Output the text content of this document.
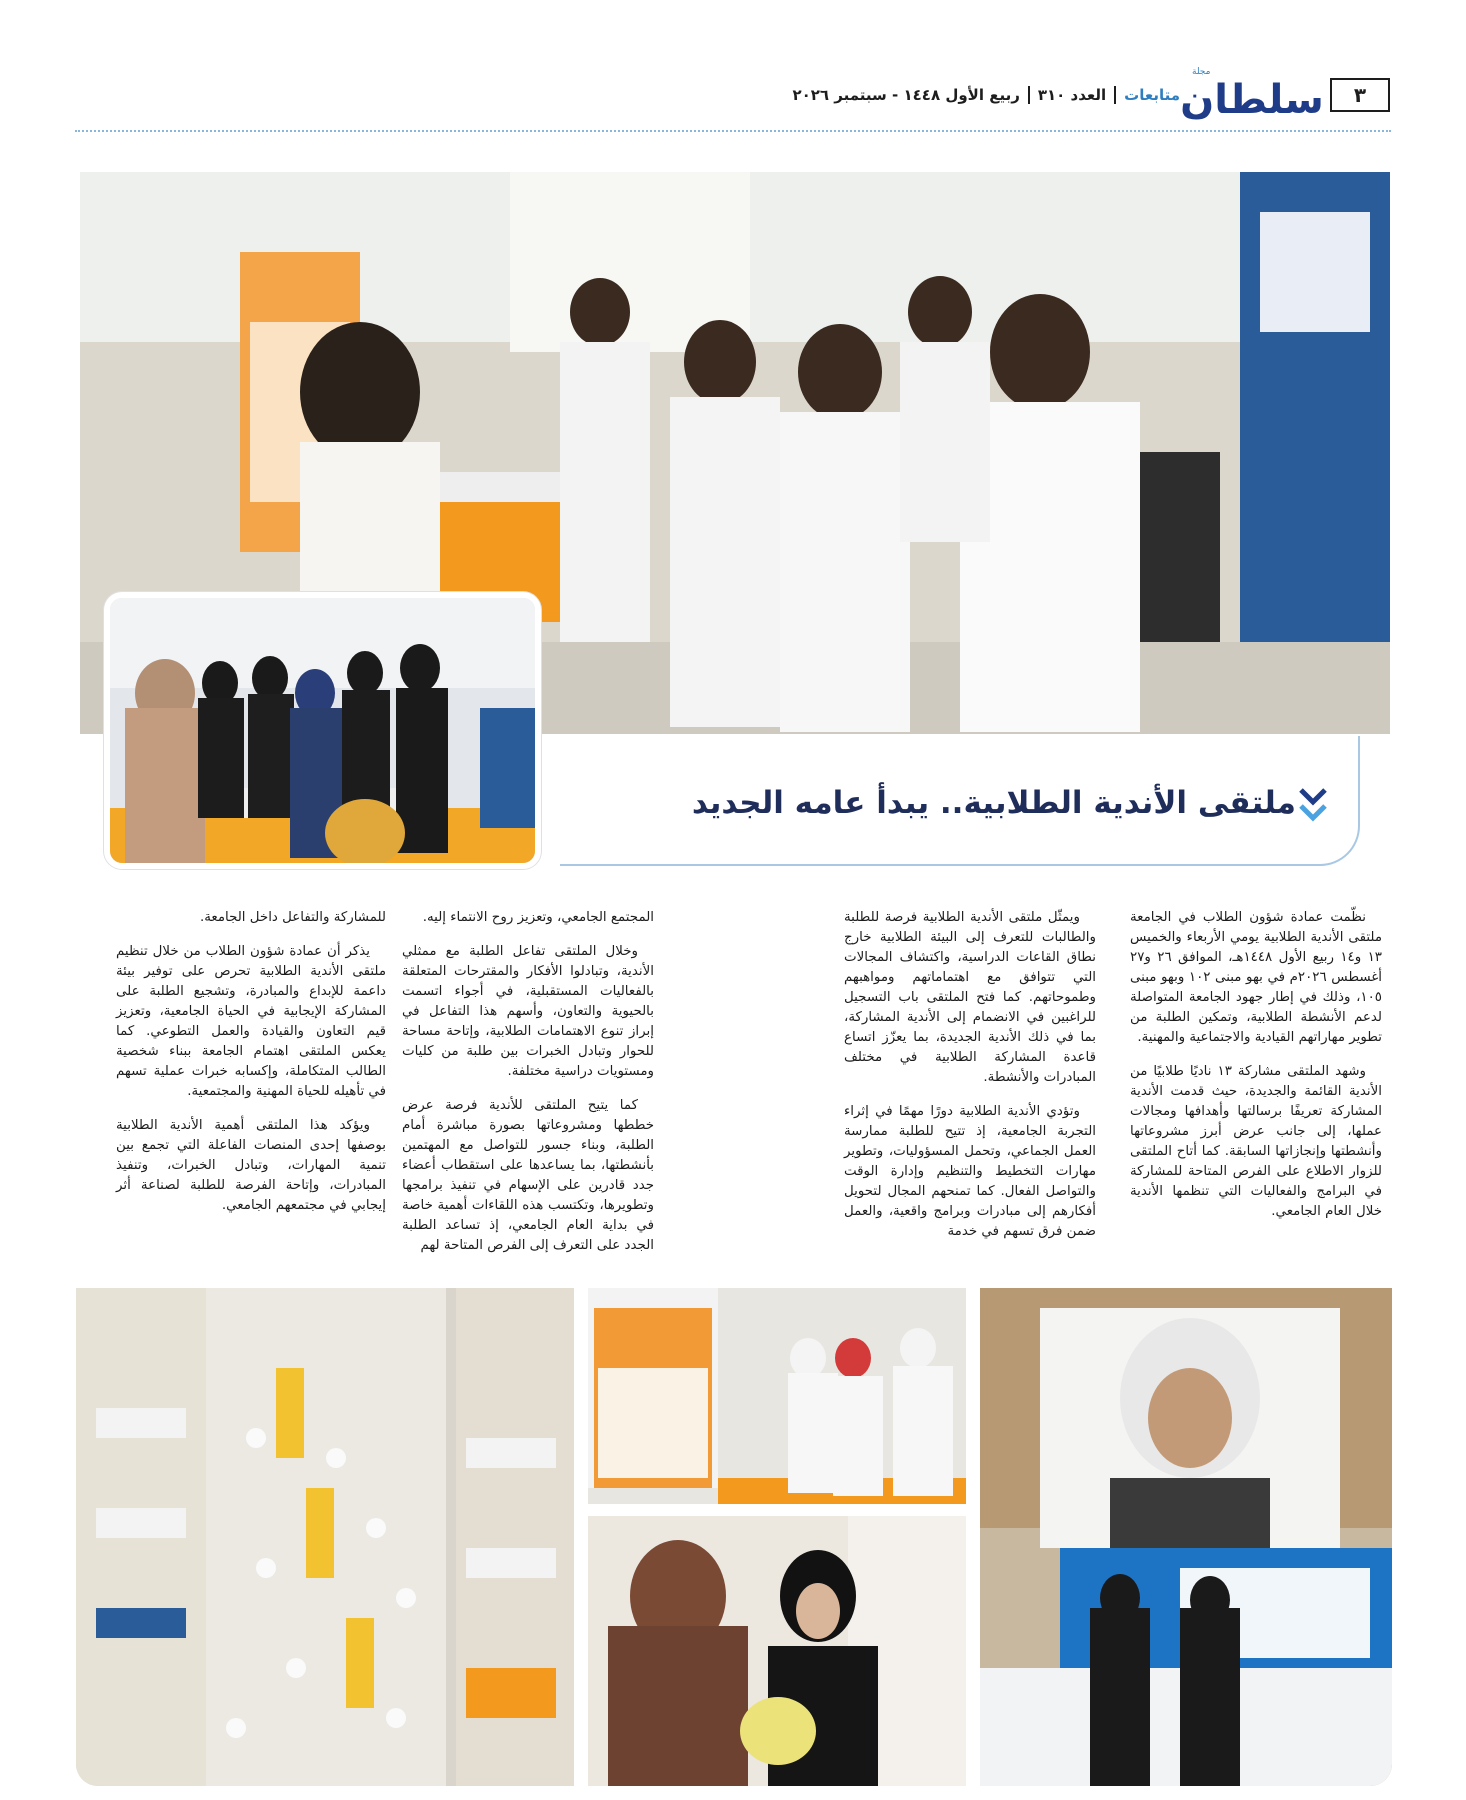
٣
مجلة
سلطان
متابعات
العدد ٣١٠
ربيع الأول ١٤٤٨ - سبتمبر ٢٠٢٦
ملتقى الأندية الطلابية.. يبدأ عامه الجديد

نظّمت عمادة شؤون الطلاب في الجامعة ملتقى الأندية الطلابية يومي الأربعاء والخميس ١٣ و١٤ ربيع الأول ١٤٤٨هـ، الموافق ٢٦ و٢٧ أغسطس ٢٠٢٦م في بهو مبنى ١٠٢ وبهو مبنى ١٠٥، وذلك في إطار جهود الجامعة المتواصلة لدعم الأنشطة الطلابية، وتمكين الطلبة من تطوير مهاراتهم القيادية والاجتماعية والمهنية.

وشهد الملتقى مشاركة ١٣ ناديًا طلابيًا من الأندية القائمة والجديدة، حيث قدمت الأندية المشاركة تعريفًا برسالتها وأهدافها ومجالات عملها، إلى جانب عرض أبرز مشروعاتها وأنشطتها وإنجازاتها السابقة. كما أتاح الملتقى للزوار الاطلاع على الفرص المتاحة للمشاركة في البرامج والفعاليات التي تنظمها الأندية خلال العام الجامعي.

ويمثّل ملتقى الأندية الطلابية فرصة للطلبة والطالبات للتعرف إلى البيئة الطلابية خارج نطاق القاعات الدراسية، واكتشاف المجالات التي تتوافق مع اهتماماتهم ومواهبهم وطموحاتهم. كما فتح الملتقى باب التسجيل للراغبين في الانضمام إلى الأندية المشاركة، بما في ذلك الأندية الجديدة، بما يعزّز اتساع قاعدة المشاركة الطلابية في مختلف المبادرات والأنشطة.

وتؤدي الأندية الطلابية دورًا مهمًا في إثراء التجربة الجامعية، إذ تتيح للطلبة ممارسة العمل الجماعي، وتحمل المسؤوليات، وتطوير مهارات التخطيط والتنظيم وإدارة الوقت والتواصل الفعال. كما تمنحهم المجال لتحويل أفكارهم إلى مبادرات وبرامج واقعية، والعمل ضمن فرق تسهم في خدمة

المجتمع الجامعي، وتعزيز روح الانتماء إليه.

وخلال الملتقى تفاعل الطلبة مع ممثلي الأندية، وتبادلوا الأفكار والمقترحات المتعلقة بالفعاليات المستقبلية، في أجواء اتسمت بالحيوية والتعاون، وأسهم هذا التفاعل في إبراز تنوع الاهتمامات الطلابية، وإتاحة مساحة للحوار وتبادل الخبرات بين طلبة من كليات ومستويات دراسية مختلفة.

كما يتيح الملتقى للأندية فرصة عرض خططها ومشروعاتها بصورة مباشرة أمام الطلبة، وبناء جسور للتواصل مع المهتمين بأنشطتها، بما يساعدها على استقطاب أعضاء جدد قادرين على الإسهام في تنفيذ برامجها وتطويرها، وتكتسب هذه اللقاءات أهمية خاصة في بداية العام الجامعي، إذ تساعد الطلبة الجدد على التعرف إلى الفرص المتاحة لهم

للمشاركة والتفاعل داخل الجامعة.

يذكر أن عمادة شؤون الطلاب من خلال تنظيم ملتقى الأندية الطلابية تحرص على توفير بيئة داعمة للإبداع والمبادرة، وتشجيع الطلبة على المشاركة الإيجابية في الحياة الجامعية، وتعزيز قيم التعاون والقيادة والعمل التطوعي. كما يعكس الملتقى اهتمام الجامعة ببناء شخصية الطالب المتكاملة، وإكسابه خبرات عملية تسهم في تأهيله للحياة المهنية والمجتمعية.

ويؤكد هذا الملتقى أهمية الأندية الطلابية بوصفها إحدى المنصات الفاعلة التي تجمع بين تنمية المهارات، وتبادل الخبرات، وتنفيذ المبادرات، وإتاحة الفرصة للطلبة لصناعة أثر إيجابي في مجتمعهم الجامعي.
